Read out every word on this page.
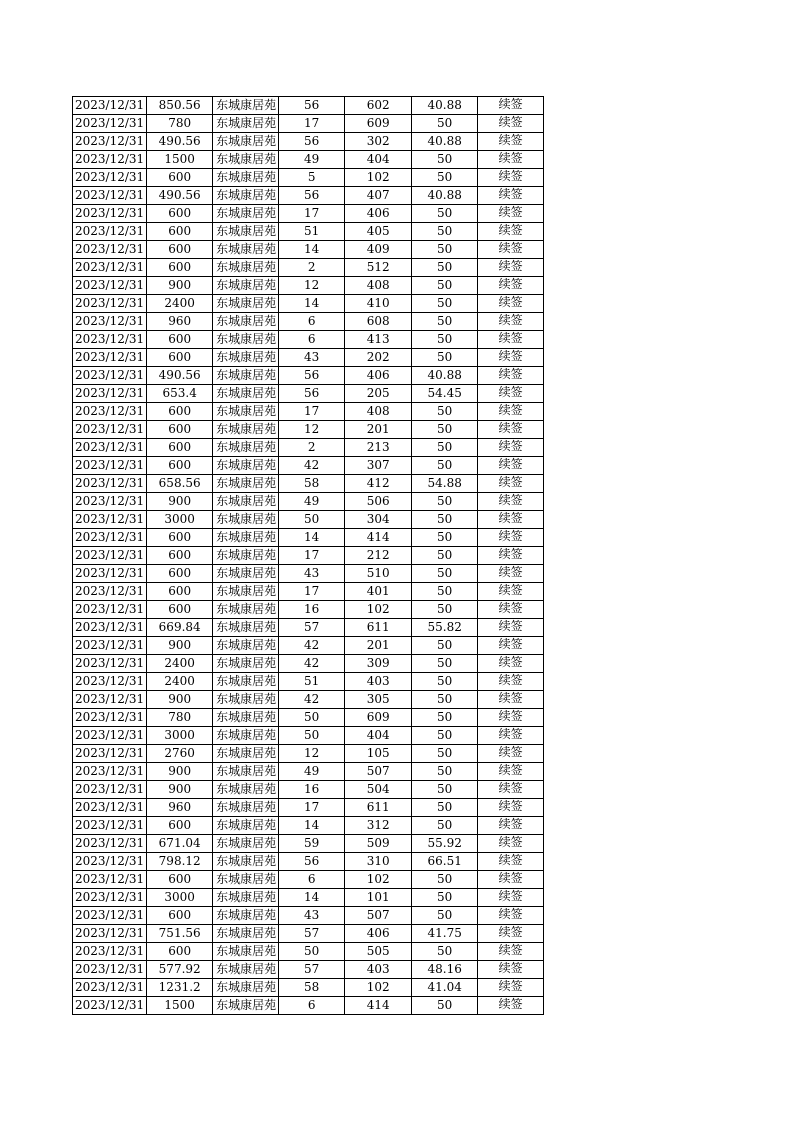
2023/12/31	850.56	东城康居苑	56	602	40.88	续签
2023/12/31	780	东城康居苑	17	609	50	续签
2023/12/31	490.56	东城康居苑	56	302	40.88	续签
2023/12/31	1500	东城康居苑	49	404	50	续签
2023/12/31	600	东城康居苑	5	102	50	续签
2023/12/31	490.56	东城康居苑	56	407	40.88	续签
2023/12/31	600	东城康居苑	17	406	50	续签
2023/12/31	600	东城康居苑	51	405	50	续签
2023/12/31	600	东城康居苑	14	409	50	续签
2023/12/31	600	东城康居苑	2	512	50	续签
2023/12/31	900	东城康居苑	12	408	50	续签
2023/12/31	2400	东城康居苑	14	410	50	续签
2023/12/31	960	东城康居苑	6	608	50	续签
2023/12/31	600	东城康居苑	6	413	50	续签
2023/12/31	600	东城康居苑	43	202	50	续签
2023/12/31	490.56	东城康居苑	56	406	40.88	续签
2023/12/31	653.4	东城康居苑	56	205	54.45	续签
2023/12/31	600	东城康居苑	17	408	50	续签
2023/12/31	600	东城康居苑	12	201	50	续签
2023/12/31	600	东城康居苑	2	213	50	续签
2023/12/31	600	东城康居苑	42	307	50	续签
2023/12/31	658.56	东城康居苑	58	412	54.88	续签
2023/12/31	900	东城康居苑	49	506	50	续签
2023/12/31	3000	东城康居苑	50	304	50	续签
2023/12/31	600	东城康居苑	14	414	50	续签
2023/12/31	600	东城康居苑	17	212	50	续签
2023/12/31	600	东城康居苑	43	510	50	续签
2023/12/31	600	东城康居苑	17	401	50	续签
2023/12/31	600	东城康居苑	16	102	50	续签
2023/12/31	669.84	东城康居苑	57	611	55.82	续签
2023/12/31	900	东城康居苑	42	201	50	续签
2023/12/31	2400	东城康居苑	42	309	50	续签
2023/12/31	2400	东城康居苑	51	403	50	续签
2023/12/31	900	东城康居苑	42	305	50	续签
2023/12/31	780	东城康居苑	50	609	50	续签
2023/12/31	3000	东城康居苑	50	404	50	续签
2023/12/31	2760	东城康居苑	12	105	50	续签
2023/12/31	900	东城康居苑	49	507	50	续签
2023/12/31	900	东城康居苑	16	504	50	续签
2023/12/31	960	东城康居苑	17	611	50	续签
2023/12/31	600	东城康居苑	14	312	50	续签
2023/12/31	671.04	东城康居苑	59	509	55.92	续签
2023/12/31	798.12	东城康居苑	56	310	66.51	续签
2023/12/31	600	东城康居苑	6	102	50	续签
2023/12/31	3000	东城康居苑	14	101	50	续签
2023/12/31	600	东城康居苑	43	507	50	续签
2023/12/31	751.56	东城康居苑	57	406	41.75	续签
2023/12/31	600	东城康居苑	50	505	50	续签
2023/12/31	577.92	东城康居苑	57	403	48.16	续签
2023/12/31	1231.2	东城康居苑	58	102	41.04	续签
2023/12/31	1500	东城康居苑	6	414	50	续签
